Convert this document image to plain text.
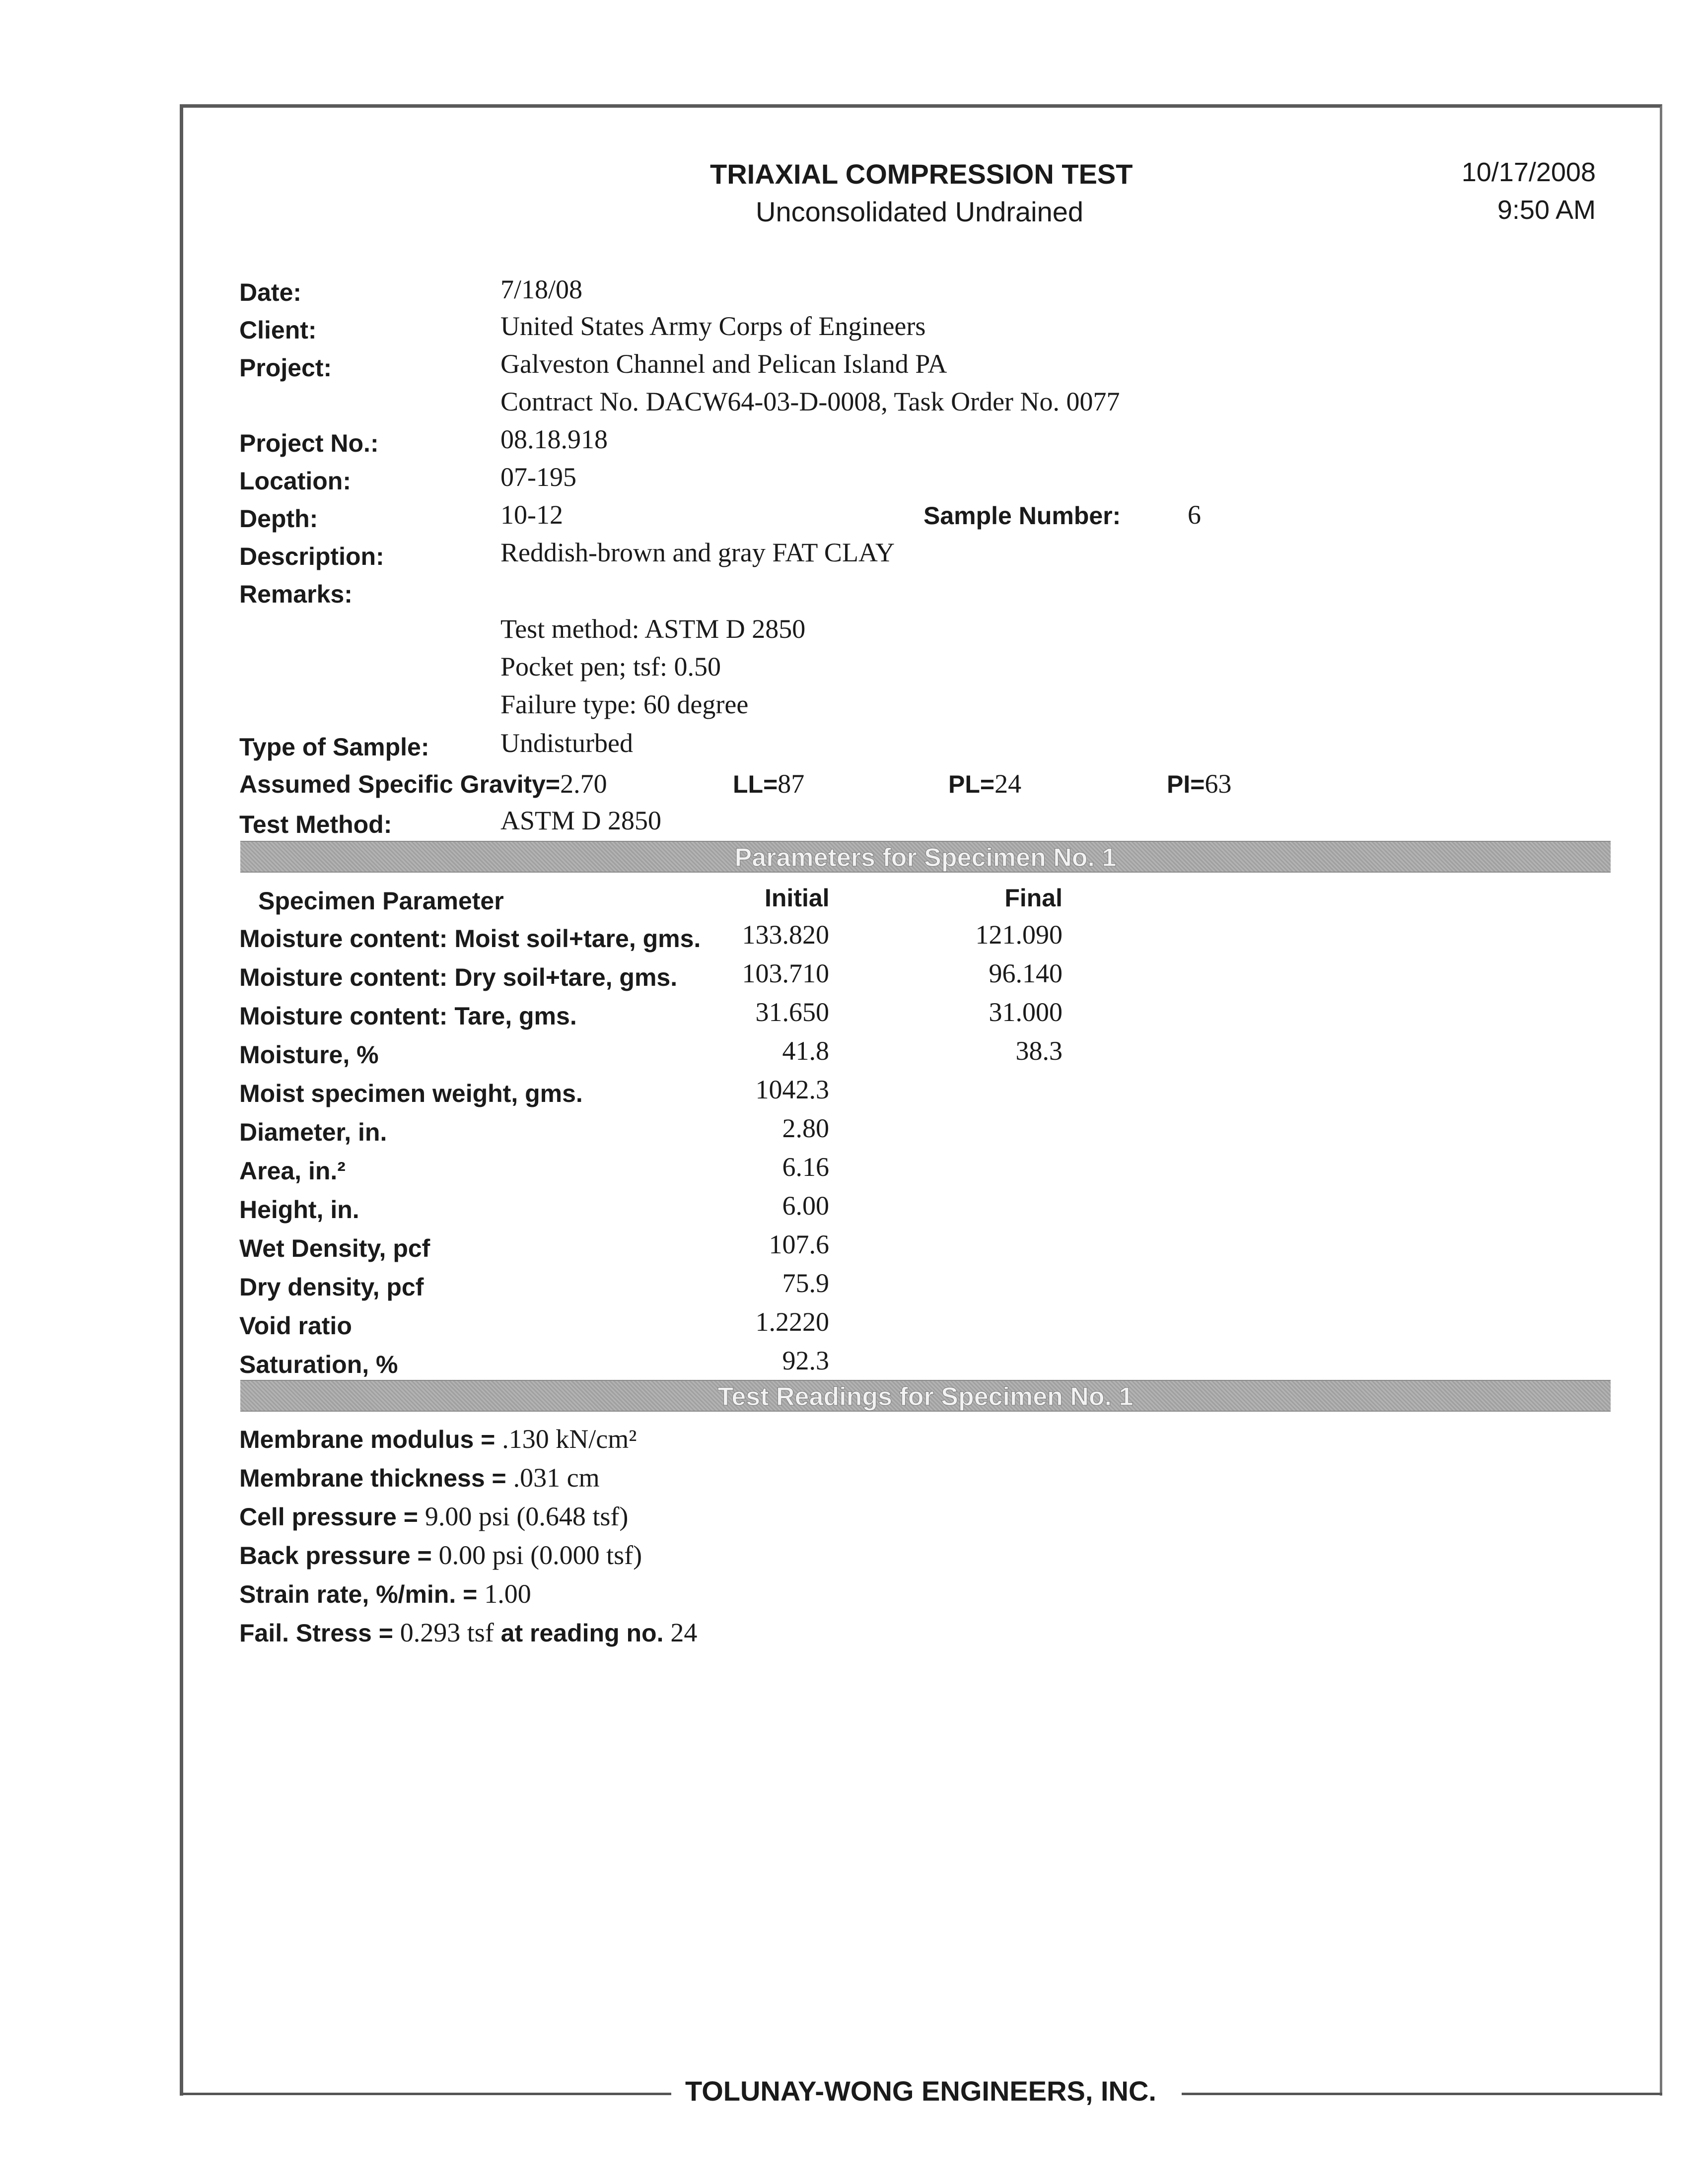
TRIAXIAL COMPRESSION TEST
Unconsolidated Undrained
10/17/2008
9:50 AM
Date:	7/18/08
Client:	United States Army Corps of Engineers
Project:	Galveston Channel and Pelican Island PA
Contract No. DACW64-03-D-0008, Task Order No. 0077
Project No.:	08.18.918
Location:	07-195
Depth:	10-12	Sample Number: 6
Description:	Reddish-brown and gray FAT CLAY
Remarks:
Test method: ASTM D 2850
Pocket pen; tsf: 0.50
Failure type: 60 degree
Type of Sample:	Undisturbed
Assumed Specific Gravity=2.70	LL=87	PL=24	PI=63
Test Method:	ASTM D 2850
Parameters for Specimen No. 1
Specimen Parameter	Initial	Final
Moisture content: Moist soil+tare, gms.	133.820	121.090
Moisture content: Dry soil+tare, gms.	103.710	96.140
Moisture content: Tare, gms.	31.650	31.000
Moisture, %	41.8	38.3
Moist specimen weight, gms.	1042.3
Diameter, in.	2.80
Area, in.²	6.16
Height, in.	6.00
Wet Density, pcf	107.6
Dry density, pcf	75.9
Void ratio	1.2220
Saturation, %	92.3
Test Readings for Specimen No. 1
Membrane modulus = .130 kN/cm²
Membrane thickness = .031 cm
Cell pressure = 9.00 psi (0.648 tsf)
Back pressure = 0.00 psi (0.000 tsf)
Strain rate, %/min. = 1.00
Fail. Stress = 0.293 tsf at reading no. 24
TOLUNAY-WONG ENGINEERS, INC.
